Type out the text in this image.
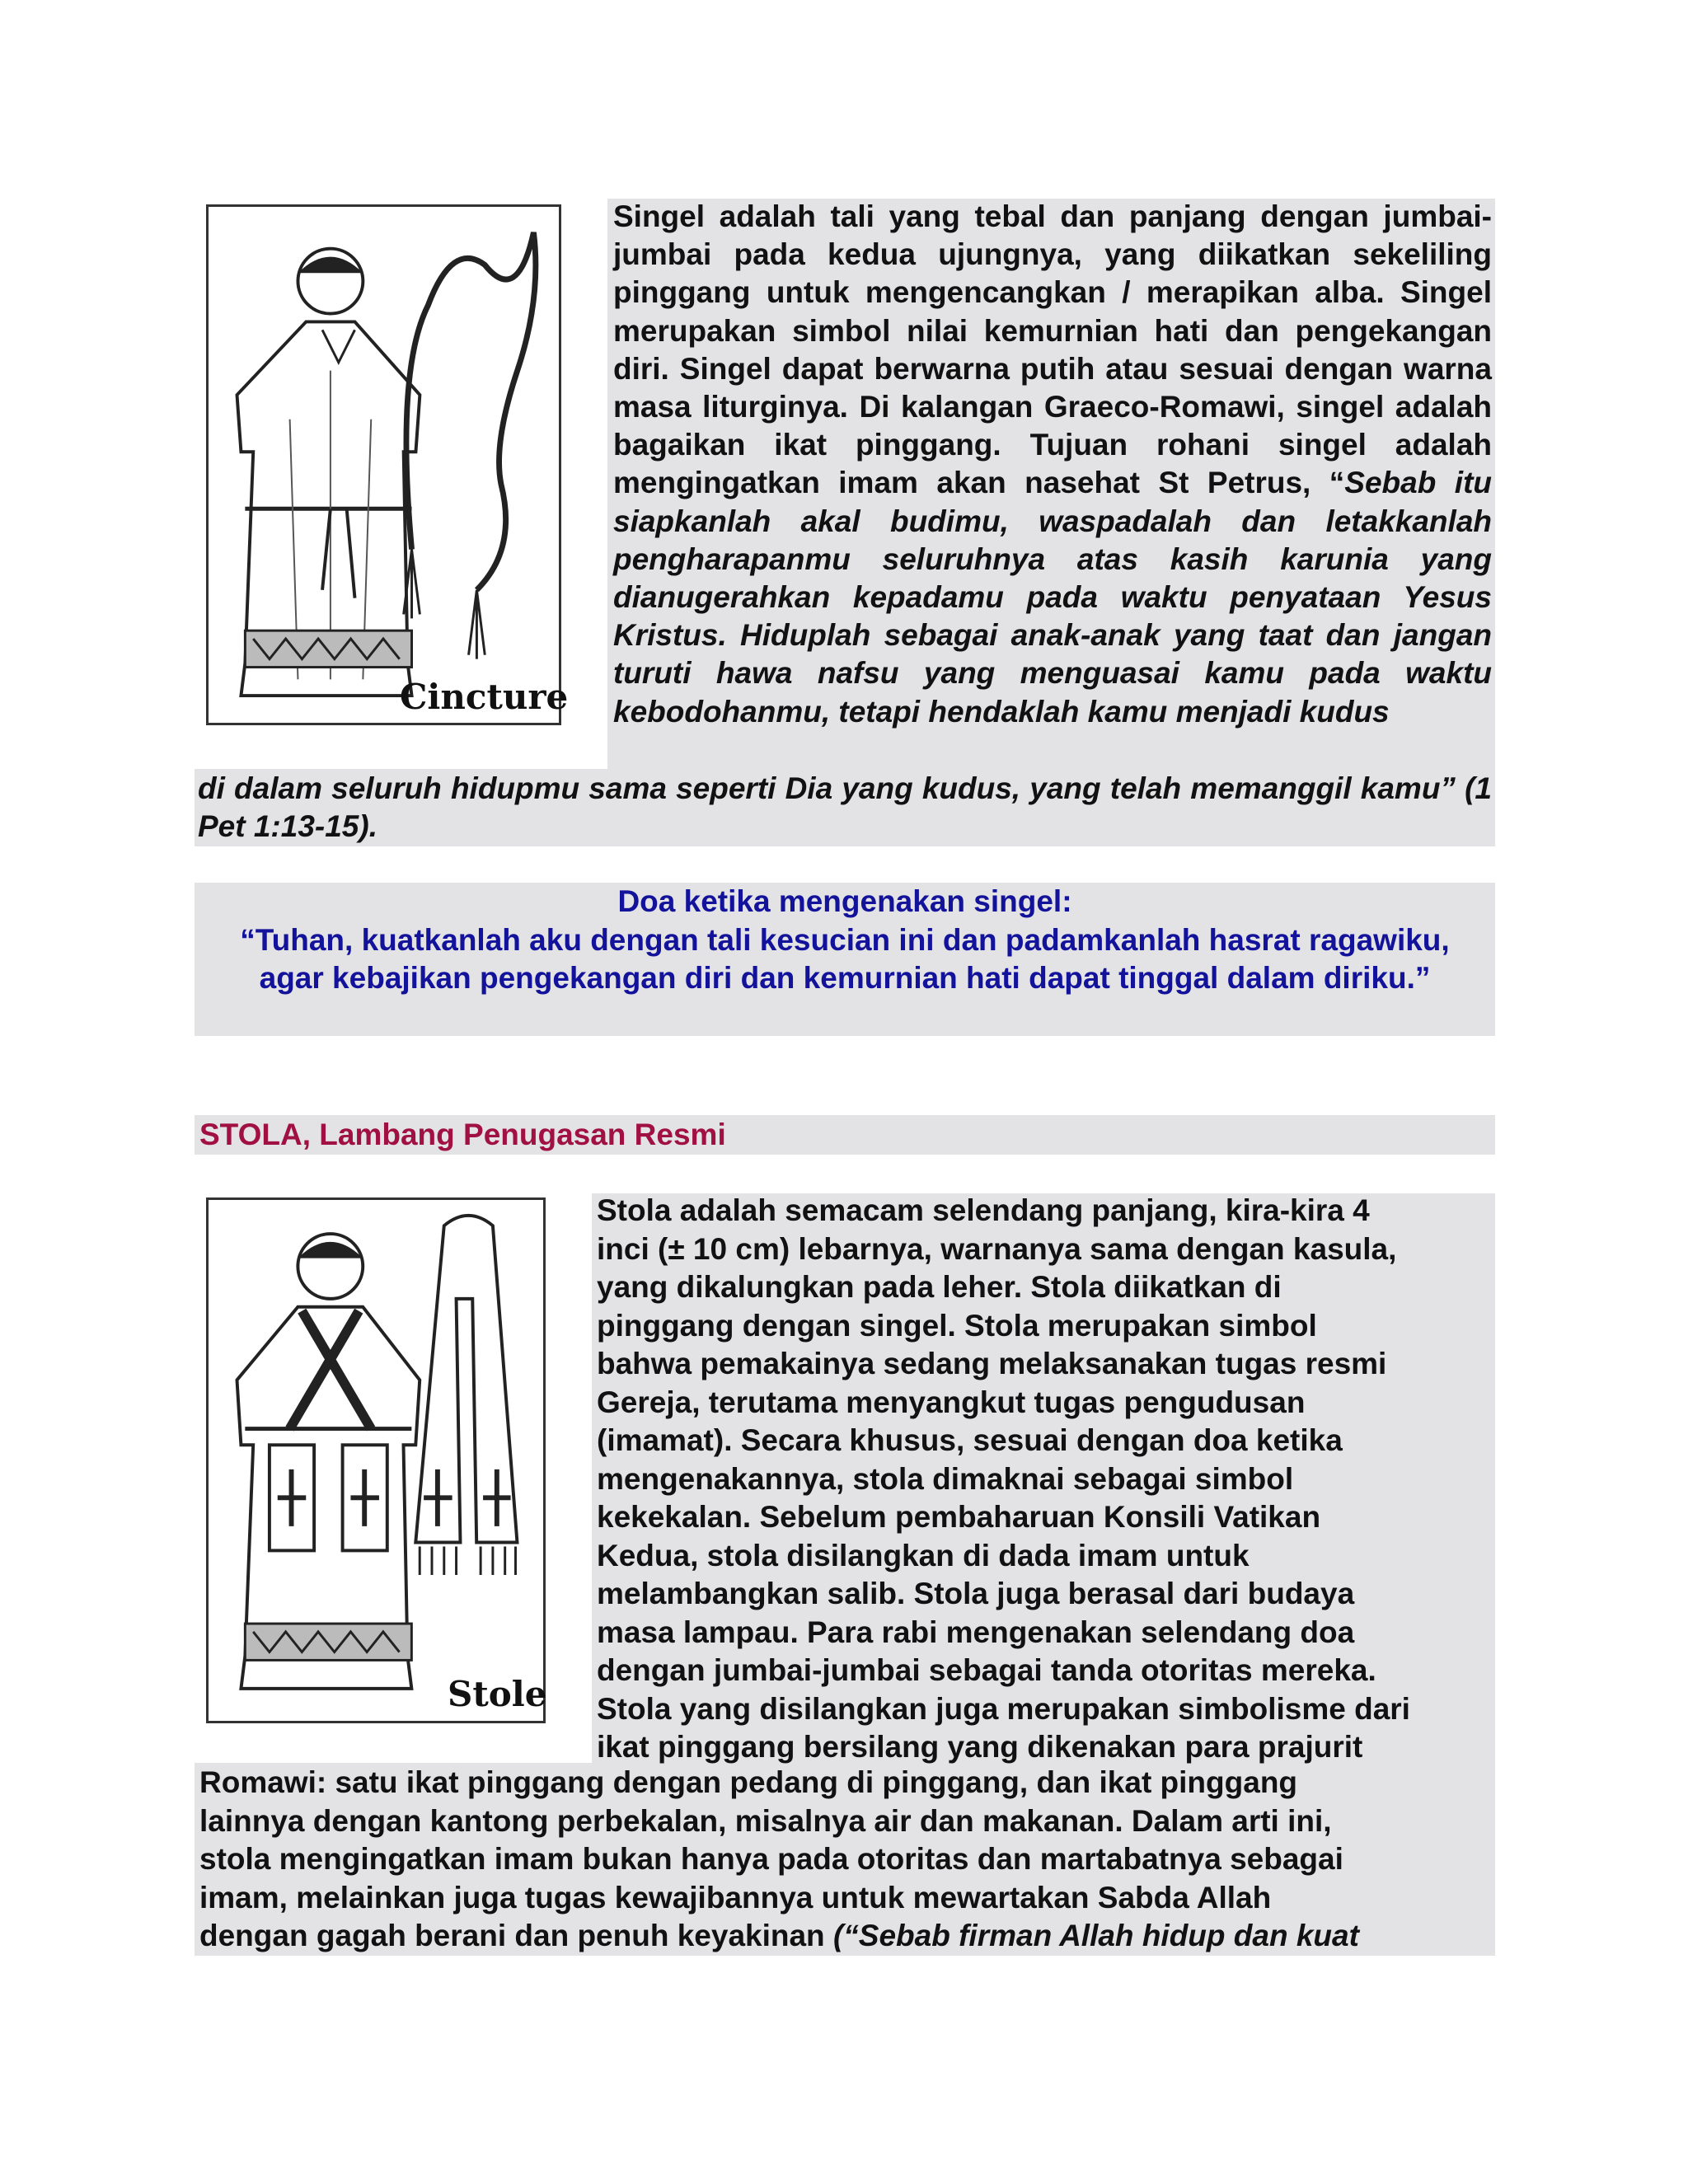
Cincture
Singel adalah tali yang tebal dan panjang dengan jumbai-jumbai pada kedua ujungnya, yang diikatkan sekeliling pinggang untuk mengencangkan / merapikan alba. Singel merupakan simbol nilai kemurnian hati dan pengekangan diri. Singel dapat berwarna putih atau sesuai dengan warna masa liturginya. Di kalangan Graeco-Romawi, singel adalah bagaikan ikat pinggang. Tujuan rohani singel adalah mengingatkan imam akan nasehat St Petrus, “Sebab itu siapkanlah akal budimu, waspadalah dan letakkanlah pengharapanmu seluruhnya atas kasih karunia yang dianugerahkan kepadamu pada waktu penyataan Yesus Kristus. Hiduplah sebagai anak-anak yang taat dan jangan turuti hawa nafsu yang menguasai kamu pada waktu kebodohanmu, tetapi hendaklah kamu menjadi kudus
di dalam seluruh hidupmu sama seperti Dia yang kudus, yang telah memanggil kamu” (1 Pet 1:13-15).
Doa ketika mengenakan singel:
“Tuhan, kuatkanlah aku dengan tali kesucian ini dan padamkanlah hasrat ragawiku, agar kebajikan pengekangan diri dan kemurnian hati dapat tinggal dalam diriku.”
STOLA, Lambang Penugasan Resmi
Stole
Stola adalah semacam selendang panjang, kira-kira 4
inci (± 10 cm) lebarnya, warnanya sama dengan kasula,
yang dikalungkan pada leher. Stola diikatkan di
pinggang dengan singel. Stola merupakan simbol
bahwa pemakainya sedang melaksanakan tugas resmi
Gereja, terutama menyangkut tugas pengudusan
(imamat). Secara khusus, sesuai dengan doa ketika
mengenakannya, stola dimaknai sebagai simbol
kekekalan. Sebelum pembaharuan Konsili Vatikan
Kedua, stola disilangkan di dada imam untuk
melambangkan salib. Stola juga berasal dari budaya
masa lampau. Para rabi mengenakan selendang doa
dengan jumbai-jumbai sebagai tanda otoritas mereka.
Stola yang disilangkan juga merupakan simbolisme dari
ikat pinggang bersilang yang dikenakan para prajurit
Romawi: satu ikat pinggang dengan pedang di pinggang, dan ikat pinggang
lainnya dengan kantong perbekalan, misalnya air dan makanan. Dalam arti ini,
stola mengingatkan imam bukan hanya pada otoritas dan martabatnya sebagai
imam, melainkan juga tugas kewajibannya untuk mewartakan Sabda Allah
dengan gagah berani dan penuh keyakinan (“Sebab firman Allah hidup dan kuat
